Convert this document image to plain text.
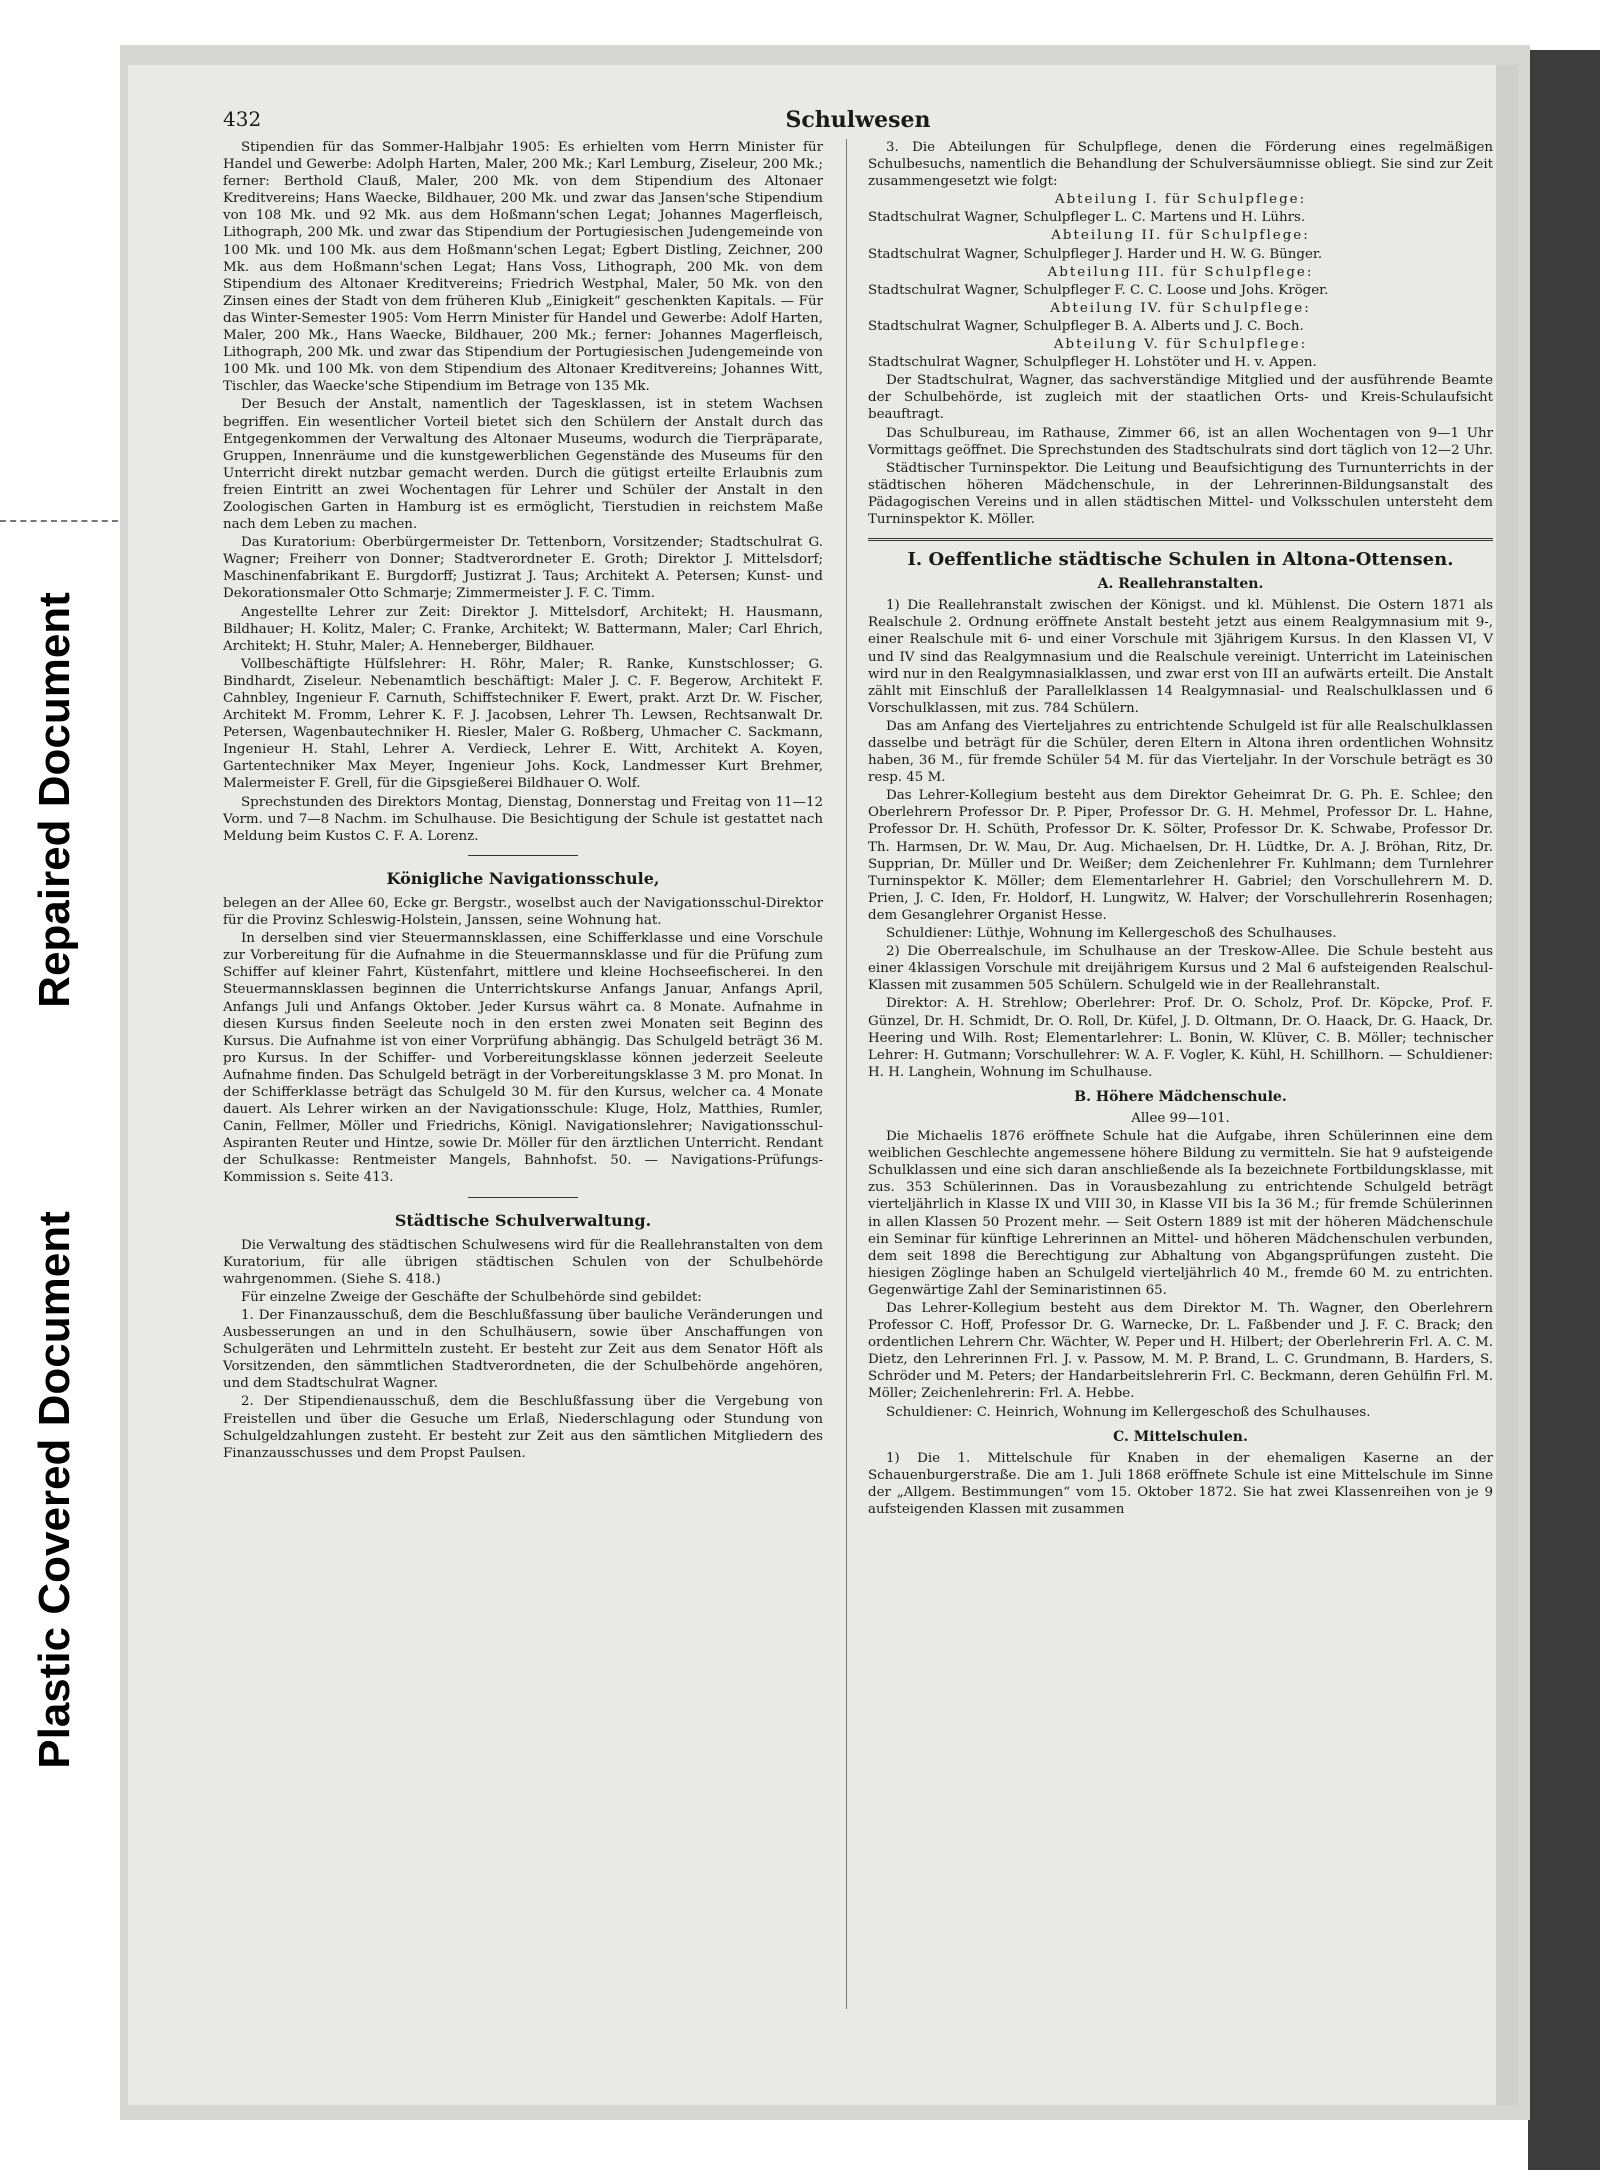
Repaired Document
Plastic Covered Document
432	Schulwesen

Stipendien für das Sommer-Halbjahr 1905: Es erhielten vom Herrn Minister für Handel und Gewerbe: Adolph Harten, Maler, 200 Mk.; Karl Lemburg, Ziseleur, 200 Mk.; ferner: Berthold Clauß, Maler, 200 Mk. von dem Stipendium des Altonaer Kreditvereins; Hans Waecke, Bildhauer, 200 Mk. und zwar das Jansen'sche Stipendium von 108 Mk. und 92 Mk. aus dem Hoßmann'schen Legat; Johannes Magerfleisch, Lithograph, 200 Mk. und zwar das Stipendium der Portugiesischen Judengemeinde von 100 Mk. und 100 Mk. aus dem Hoßmann'schen Legat; Egbert Distling, Zeichner, 200 Mk. aus dem Hoßmann'schen Legat; Hans Voss, Lithograph, 200 Mk. von dem Stipendium des Altonaer Kreditvereins; Friedrich Westphal, Maler, 50 Mk. von den Zinsen eines der Stadt von dem früheren Klub „Einigkeit“ geschenkten Kapitals. — Für das Winter-Semester 1905: Vom Herrn Minister für Handel und Gewerbe: Adolf Harten, Maler, 200 Mk., Hans Waecke, Bildhauer, 200 Mk.; ferner: Johannes Magerfleisch, Lithograph, 200 Mk. und zwar das Stipendium der Portugiesischen Judengemeinde von 100 Mk. und 100 Mk. von dem Stipendium des Altonaer Kreditvereins; Johannes Witt, Tischler, das Waecke'sche Stipendium im Betrage von 135 Mk.

Der Besuch der Anstalt, namentlich der Tagesklassen, ist in stetem Wachsen begriffen. Ein wesentlicher Vorteil bietet sich den Schülern der Anstalt durch das Entgegenkommen der Verwaltung des Altonaer Museums, wodurch die Tierpräparate, Gruppen, Innenräume und die kunstgewerblichen Gegenstände des Museums für den Unterricht direkt nutzbar gemacht werden. Durch die gütigst erteilte Erlaubnis zum freien Eintritt an zwei Wochentagen für Lehrer und Schüler der Anstalt in den Zoologischen Garten in Hamburg ist es ermöglicht, Tierstudien in reichstem Maße nach dem Leben zu machen.

Das Kuratorium: Oberbürgermeister Dr. Tettenborn, Vorsitzender; Stadtschulrat G. Wagner; Freiherr von Donner; Stadtverordneter E. Groth; Direktor J. Mittelsdorf; Maschinenfabrikant E. Burgdorff; Justizrat J. Taus; Architekt A. Petersen; Kunst- und Dekorationsmaler Otto Schmarje; Zimmermeister J. F. C. Timm.

Angestellte Lehrer zur Zeit: Direktor J. Mittelsdorf, Architekt; H. Hausmann, Bildhauer; H. Kolitz, Maler; C. Franke, Architekt; W. Battermann, Maler; Carl Ehrich, Architekt; H. Stuhr, Maler; A. Henneberger, Bildhauer.

Vollbeschäftigte Hülfslehrer: H. Röhr, Maler; R. Ranke, Kunstschlosser; G. Bindhardt, Ziseleur. Nebenamtlich beschäftigt: Maler J. C. F. Begerow, Architekt F. Cahnbley, Ingenieur F. Carnuth, Schiffstechniker F. Ewert, prakt. Arzt Dr. W. Fischer, Architekt M. Fromm, Lehrer K. F. J. Jacobsen, Lehrer Th. Lewsen, Rechtsanwalt Dr. Petersen, Wagenbautechniker H. Riesler, Maler G. Roßberg, Uhmacher C. Sackmann, Ingenieur H. Stahl, Lehrer A. Verdieck, Lehrer E. Witt, Architekt A. Koyen, Gartentechniker Max Meyer, Ingenieur Johs. Kock, Landmesser Kurt Brehmer, Malermeister F. Grell, für die Gipsgießerei Bildhauer O. Wolf.

Sprechstunden des Direktors Montag, Dienstag, Donnerstag und Freitag von 11—12 Vorm. und 7—8 Nachm. im Schulhause. Die Besichtigung der Schule ist gestattet nach Meldung beim Kustos C. F. A. Lorenz.

Königliche Navigationsschule,

belegen an der Allee 60, Ecke gr. Bergstr., woselbst auch der Navigationsschul-Direktor für die Provinz Schleswig-Holstein, Janssen, seine Wohnung hat.

In derselben sind vier Steuermannsklassen, eine Schifferklasse und eine Vorschule zur Vorbereitung für die Aufnahme in die Steuermannsklasse und für die Prüfung zum Schiffer auf kleiner Fahrt, Küstenfahrt, mittlere und kleine Hochseefischerei. In den Steuermannsklassen beginnen die Unterrichtskurse Anfangs Januar, Anfangs April, Anfangs Juli und Anfangs Oktober. Jeder Kursus währt ca. 8 Monate. Aufnahme in diesen Kursus finden Seeleute noch in den ersten zwei Monaten seit Beginn des Kursus. Die Aufnahme ist von einer Vorprüfung abhängig. Das Schulgeld beträgt 36 M. pro Kursus. In der Schiffer- und Vorbereitungsklasse können jederzeit Seeleute Aufnahme finden. Das Schulgeld beträgt in der Vorbereitungsklasse 3 M. pro Monat. In der Schifferklasse beträgt das Schulgeld 30 M. für den Kursus, welcher ca. 4 Monate dauert. Als Lehrer wirken an der Navigationsschule: Kluge, Holz, Matthies, Rumler, Canin, Fellmer, Möller und Friedrichs, Königl. Navigationslehrer; Navigationsschul-Aspiranten Reuter und Hintze, sowie Dr. Möller für den ärztlichen Unterricht. Rendant der Schulkasse: Rentmeister Mangels, Bahnhofst. 50. — Navigations-Prüfungs-Kommission s. Seite 413.

Städtische Schulverwaltung.

Die Verwaltung des städtischen Schulwesens wird für die Reallehranstalten von dem Kuratorium, für alle übrigen städtischen Schulen von der Schulbehörde wahrgenommen. (Siehe S. 418.)

Für einzelne Zweige der Geschäfte der Schulbehörde sind gebildet:

1. Der Finanzausschuß, dem die Beschlußfassung über bauliche Veränderungen und Ausbesserungen an und in den Schulhäusern, sowie über Anschaffungen von Schulgeräten und Lehrmitteln zusteht. Er besteht zur Zeit aus dem Senator Höft als Vorsitzenden, den sämmtlichen Stadtverordneten, die der Schulbehörde angehören, und dem Stadtschulrat Wagner.

2. Der Stipendienausschuß, dem die Beschlußfassung über die Vergebung von Freistellen und über die Gesuche um Erlaß, Niederschlagung oder Stundung von Schulgeldzahlungen zusteht. Er besteht zur Zeit aus den sämtlichen Mitgliedern des Finanzausschusses und dem Propst Paulsen.

3. Die Abteilungen für Schulpflege, denen die Förderung eines regelmäßigen Schulbesuchs, namentlich die Behandlung der Schulversäumnisse obliegt. Sie sind zur Zeit zusammengesetzt wie folgt:

Abteilung I. für Schulpflege:

Stadtschulrat Wagner, Schulpfleger L. C. Martens und H. Lührs.

Abteilung II. für Schulpflege:

Stadtschulrat Wagner, Schulpfleger J. Harder und H. W. G. Bünger.

Abteilung III. für Schulpflege:

Stadtschulrat Wagner, Schulpfleger F. C. C. Loose und Johs. Kröger.

Abteilung IV. für Schulpflege:

Stadtschulrat Wagner, Schulpfleger B. A. Alberts und J. C. Boch.

Abteilung V. für Schulpflege:

Stadtschulrat Wagner, Schulpfleger H. Lohstöter und H. v. Appen.

Der Stadtschulrat, Wagner, das sachverständige Mitglied und der ausführende Beamte der Schulbehörde, ist zugleich mit der staatlichen Orts- und Kreis-Schulaufsicht beauftragt.

Das Schulbureau, im Rathause, Zimmer 66, ist an allen Wochentagen von 9—1 Uhr Vormittags geöffnet. Die Sprechstunden des Stadtschulrats sind dort täglich von 12—2 Uhr.

Städtischer Turninspektor. Die Leitung und Beaufsichtigung des Turnunterrichts in der städtischen höheren Mädchenschule, in der Lehrerinnen-Bildungsanstalt des Pädagogischen Vereins und in allen städtischen Mittel- und Volksschulen untersteht dem Turninspektor K. Möller.

I. Oeffentliche städtische Schulen in Altona-Ottensen.
A. Reallehranstalten.

1) Die Reallehranstalt zwischen der Königst. und kl. Mühlenst. Die Ostern 1871 als Realschule 2. Ordnung eröffnete Anstalt besteht jetzt aus einem Realgymnasium mit 9-, einer Realschule mit 6- und einer Vorschule mit 3jährigem Kursus. In den Klassen VI, V und IV sind das Realgymnasium und die Realschule vereinigt. Unterricht im Lateinischen wird nur in den Realgymnasialklassen, und zwar erst von III an aufwärts erteilt. Die Anstalt zählt mit Einschluß der Parallelklassen 14 Realgymnasial- und Realschulklassen und 6 Vorschulklassen, mit zus. 784 Schülern.

Das am Anfang des Vierteljahres zu entrichtende Schulgeld ist für alle Realschulklassen dasselbe und beträgt für die Schüler, deren Eltern in Altona ihren ordentlichen Wohnsitz haben, 36 M., für fremde Schüler 54 M. für das Vierteljahr. In der Vorschule beträgt es 30 resp. 45 M.

Das Lehrer-Kollegium besteht aus dem Direktor Geheimrat Dr. G. Ph. E. Schlee; den Oberlehrern Professor Dr. P. Piper, Professor Dr. G. H. Mehmel, Professor Dr. L. Hahne, Professor Dr. H. Schüth, Professor Dr. K. Sölter, Professor Dr. K. Schwabe, Professor Dr. Th. Harmsen, Dr. W. Mau, Dr. Aug. Michaelsen, Dr. H. Lüdtke, Dr. A. J. Bröhan, Ritz, Dr. Supprian, Dr. Müller und Dr. Weißer; dem Zeichenlehrer Fr. Kuhlmann; dem Turnlehrer Turninspektor K. Möller; dem Elementarlehrer H. Gabriel; den Vorschullehrern M. D. Prien, J. C. Iden, Fr. Holdorf, H. Lungwitz, W. Halver; der Vorschullehrerin Rosenhagen; dem Gesanglehrer Organist Hesse.

Schuldiener: Lüthje, Wohnung im Kellergeschoß des Schulhauses.

2) Die Oberrealschule, im Schulhause an der Treskow-Allee. Die Schule besteht aus einer 4klassigen Vorschule mit dreijährigem Kursus und 2 Mal 6 aufsteigenden Realschul-Klassen mit zusammen 505 Schülern. Schulgeld wie in der Reallehranstalt.

Direktor: A. H. Strehlow; Oberlehrer: Prof. Dr. O. Scholz, Prof. Dr. Köpcke, Prof. F. Günzel, Dr. H. Schmidt, Dr. O. Roll, Dr. Küfel, J. D. Oltmann, Dr. O. Haack, Dr. G. Haack, Dr. Heering und Wilh. Rost; Elementarlehrer: L. Bonin, W. Klüver, C. B. Möller; technischer Lehrer: H. Gutmann; Vorschullehrer: W. A. F. Vogler, K. Kühl, H. Schillhorn. — Schuldiener: H. H. Langhein, Wohnung im Schulhause.

B. Höhere Mädchenschule.

Allee 99—101.

Die Michaelis 1876 eröffnete Schule hat die Aufgabe, ihren Schülerinnen eine dem weiblichen Geschlechte angemessene höhere Bildung zu vermitteln. Sie hat 9 aufsteigende Schulklassen und eine sich daran anschließende als Ia bezeichnete Fortbildungsklasse, mit zus. 353 Schülerinnen. Das in Vorausbezahlung zu entrichtende Schulgeld beträgt vierteljährlich in Klasse IX und VIII 30, in Klasse VII bis Ia 36 M.; für fremde Schülerinnen in allen Klassen 50 Prozent mehr. — Seit Ostern 1889 ist mit der höheren Mädchenschule ein Seminar für künftige Lehrerinnen an Mittel- und höheren Mädchenschulen verbunden, dem seit 1898 die Berechtigung zur Abhaltung von Abgangsprüfungen zusteht. Die hiesigen Zöglinge haben an Schulgeld vierteljährlich 40 M., fremde 60 M. zu entrichten. Gegenwärtige Zahl der Seminaristinnen 65.

Das Lehrer-Kollegium besteht aus dem Direktor M. Th. Wagner, den Oberlehrern Professor C. Hoff, Professor Dr. G. Warnecke, Dr. L. Faßbender und J. F. C. Brack; den ordentlichen Lehrern Chr. Wächter, W. Peper und H. Hilbert; der Oberlehrerin Frl. A. C. M. Dietz, den Lehrerinnen Frl. J. v. Passow, M. M. P. Brand, L. C. Grundmann, B. Harders, S. Schröder und M. Peters; der Handarbeitslehrerin Frl. C. Beckmann, deren Gehülfin Frl. M. Möller; Zeichenlehrerin: Frl. A. Hebbe.

Schuldiener: C. Heinrich, Wohnung im Kellergeschoß des Schulhauses.

C. Mittelschulen.

1) Die 1. Mittelschule für Knaben in der ehemaligen Kaserne an der Schauenburgerstraße. Die am 1. Juli 1868 eröffnete Schule ist eine Mittelschule im Sinne der „Allgem. Bestimmungen“ vom 15. Oktober 1872. Sie hat zwei Klassenreihen von je 9 aufsteigenden Klassen mit zusammen
